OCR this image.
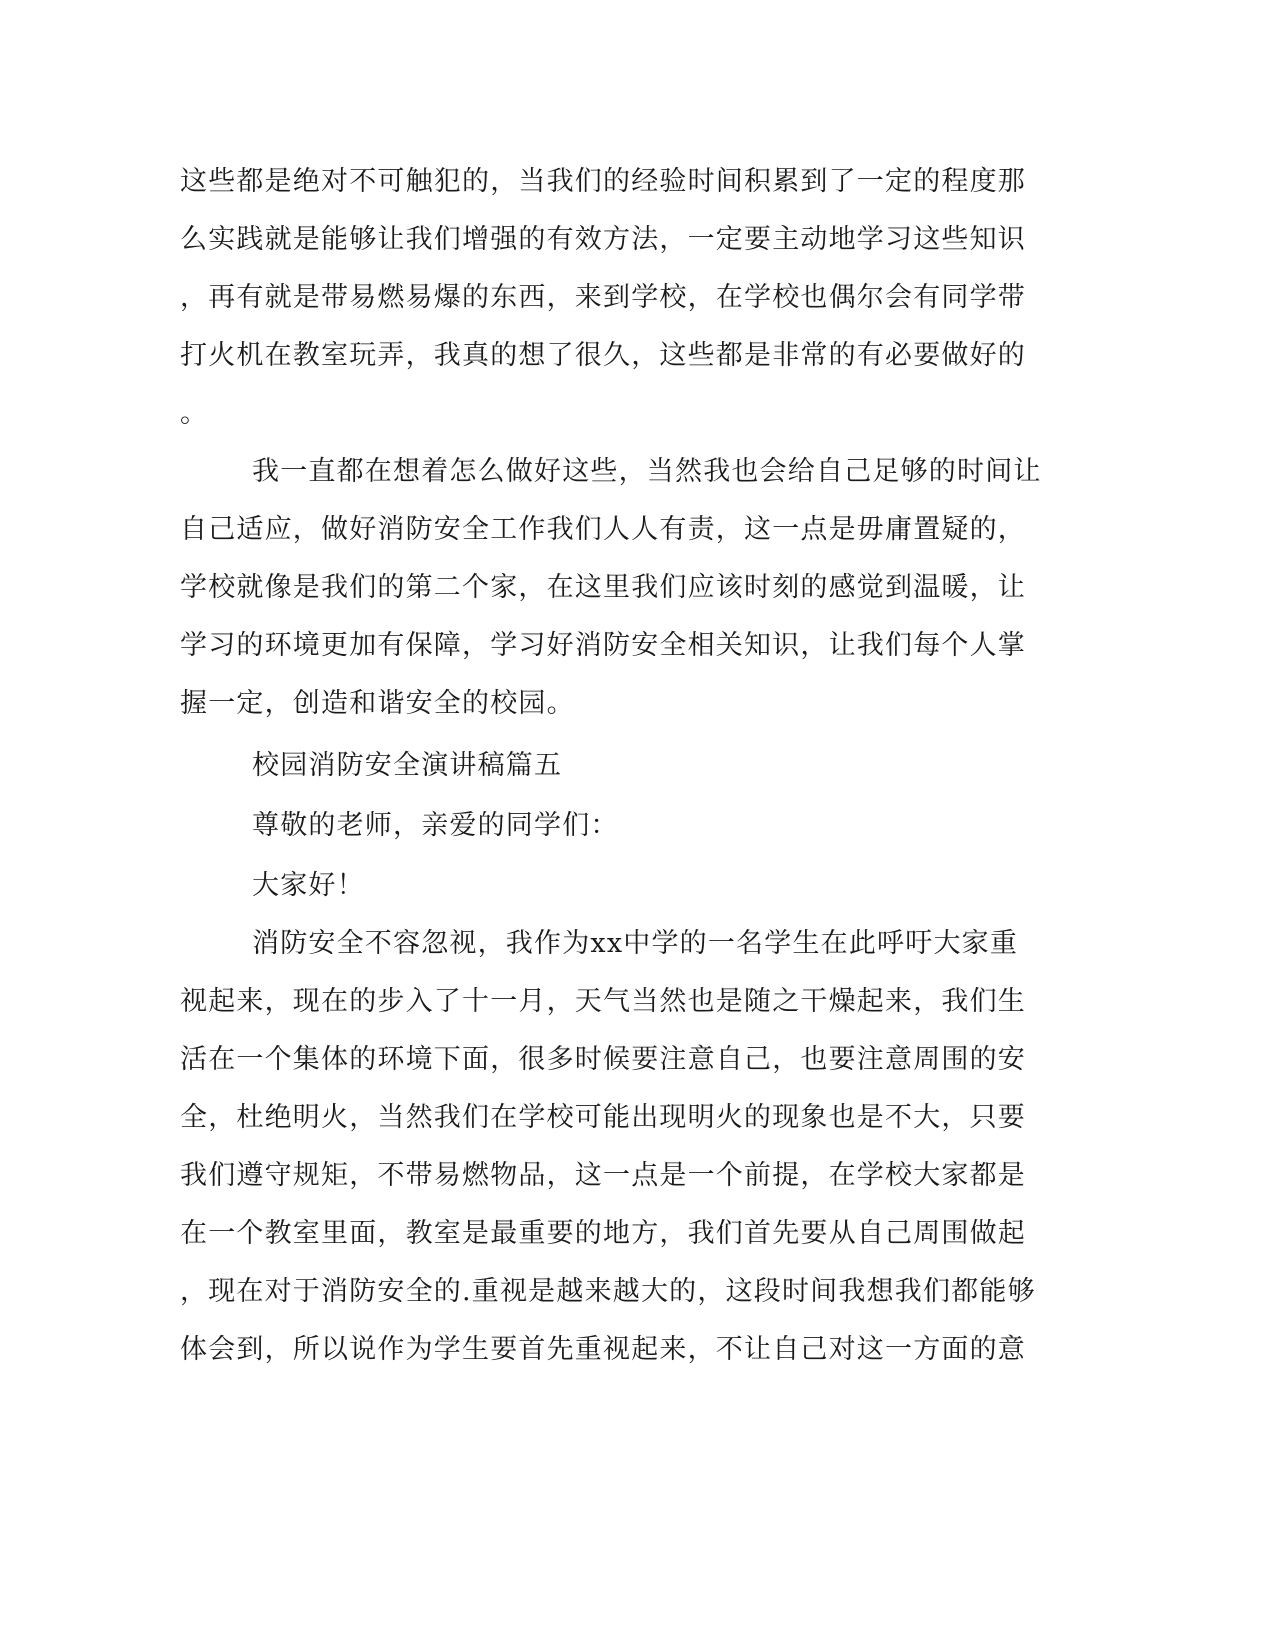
这些都是绝对不可触犯的，当我们的经验时间积累到了一定的程度那
么实践就是能够让我们增强的有效方法，一定要主动地学习这些知识
，再有就是带易燃易爆的东西，来到学校，在学校也偶尔会有同学带
打火机在教室玩弄，我真的想了很久，这些都是非常的有必要做好的
。
我一直都在想着怎么做好这些，当然我也会给自己足够的时间让
自己适应，做好消防安全工作我们人人有责，这一点是毋庸置疑的，
学校就像是我们的第二个家，在这里我们应该时刻的感觉到温暖，让
学习的环境更加有保障，学习好消防安全相关知识，让我们每个人掌
握一定，创造和谐安全的校园。
校园消防安全演讲稿篇五
尊敬的老师，亲爱的同学们：
大家好！
消防安全不容忽视，我作为xx中学的一名学生在此呼吁大家重
视起来，现在的步入了十一月，天气当然也是随之干燥起来，我们生
活在一个集体的环境下面，很多时候要注意自己，也要注意周围的安
全，杜绝明火，当然我们在学校可能出现明火的现象也是不大，只要
我们遵守规矩，不带易燃物品，这一点是一个前提，在学校大家都是
在一个教室里面，教室是最重要的地方，我们首先要从自己周围做起
，现在对于消防安全的.重视是越来越大的，这段时间我想我们都能够
体会到，所以说作为学生要首先重视起来，不让自己对这一方面的意
